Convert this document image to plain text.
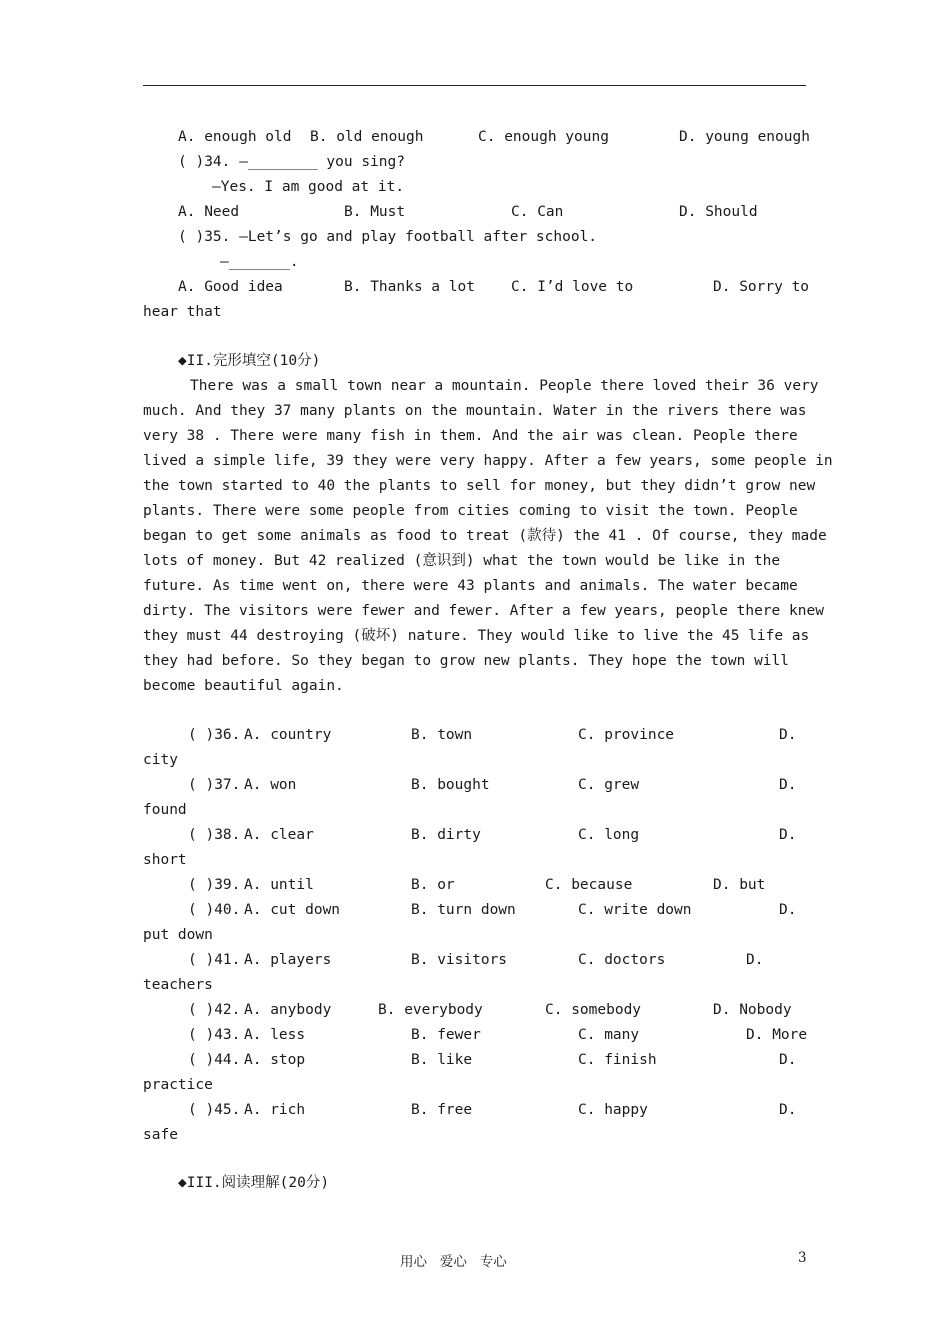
A. enough old B. old enough	C. enough young	D. young enough
( )34. —________ you sing?
—Yes. I am good at it.
A. Need	B. Must	C. Can	D. Should
( )35. —Let’s go and play football after school.
—_______.
A. Good idea	B. Thanks a lot C. I’d love to	D. Sorry to
hear that
◆II.完形填空(10分)
There was a small town near a mountain. People there loved their 36 very
much. And they 37 many plants on the mountain. Water in the rivers there was
very 38 . There were many fish in them. And the air was clean. People there
lived a simple life, 39 they were very happy. After a few years, some people in
the town started to 40 the plants to sell for money, but they didn’t grow new
plants. There were some people from cities coming to visit the town. People
began to get some animals as food to treat (款待) the 41 . Of course, they made
lots of money. But 42 realized (意识到) what the town would be like in the
future. As time went on, there were 43 plants and animals. The water became
dirty. The visitors were fewer and fewer. After a few years, people there knew
they must 44 destroying (破坏) nature. They would like to live the 45 life as
they had before. So they began to grow new plants. They hope the town will
become beautiful again.
( )36. A. country	B. town	C. province	D.
city
( )37. A. won	B. bought	C. grew	D.
found
( )38. A. clear	B. dirty	C. long	D.
short
( )39. A. until	B. or	C. because	D. but
( )40. A. cut down	B. turn down	C. write down	D.
put down
( )41. A. players	B. visitors	C. doctors	D.
teachers
( )42. A. anybody	B. everybody	C. somebody	D. Nobody
( )43. A. less	B. fewer	C. many	D. More
( )44. A. stop	B. like	C. finish	D.
practice
( )45. A. rich	B. free	C. happy	D.
safe
◆III.阅读理解(20分)
用心   爱心   专心	3
